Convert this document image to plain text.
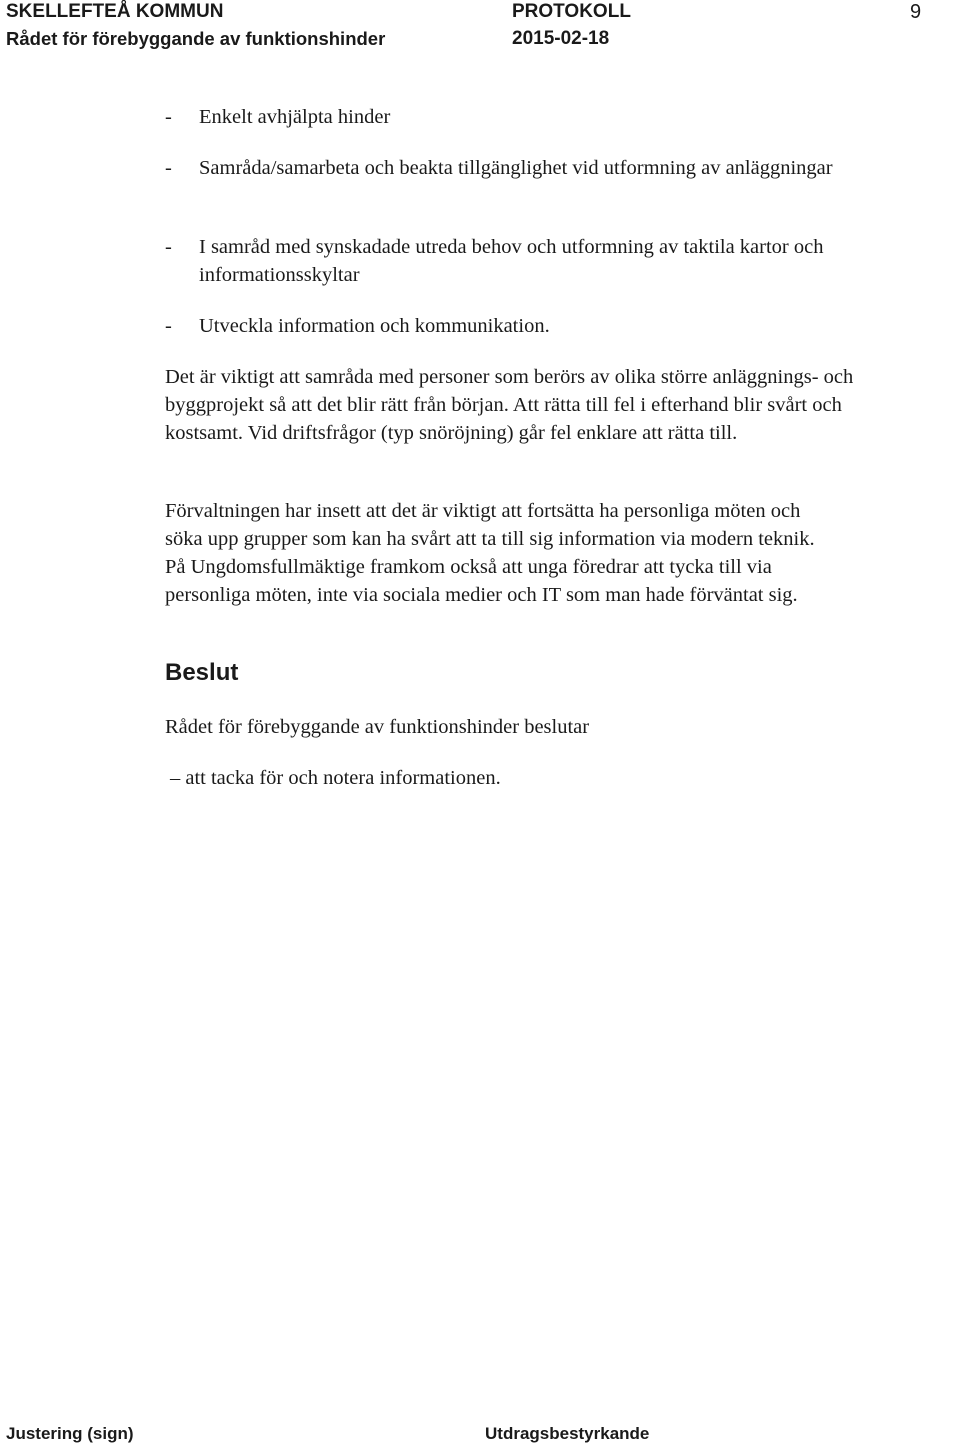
SKELLEFTEÅ KOMMUN
Rådet för förebyggande av funktionshinder
PROTOKOLL
2015-02-18
9
- Enkelt avhjälpta hinder
- Samråda/samarbeta och beakta tillgänglighet vid utformning av anläggningar
- I samråd med synskadade utreda behov och utformning av taktila kartor och informationsskyltar
- Utveckla information och kommunikation.
Det är viktigt att samråda med personer som berörs av olika större anläggnings- och byggprojekt så att det blir rätt från början. Att rätta till fel i efterhand blir svårt och kostsamt. Vid driftsfrågor (typ snöröjning) går fel enklare att rätta till.
Förvaltningen har insett att det är viktigt att fortsätta ha personliga möten och söka upp grupper som kan ha svårt att ta till sig information via modern teknik. På Ungdomsfullmäktige framkom också att unga föredrar att tycka till via personliga möten, inte via sociala medier och IT som man hade förväntat sig.
Beslut
Rådet för förebyggande av funktionshinder beslutar
– att tacka för och notera informationen.
Justering (sign)	Utdragsbestyrkande
